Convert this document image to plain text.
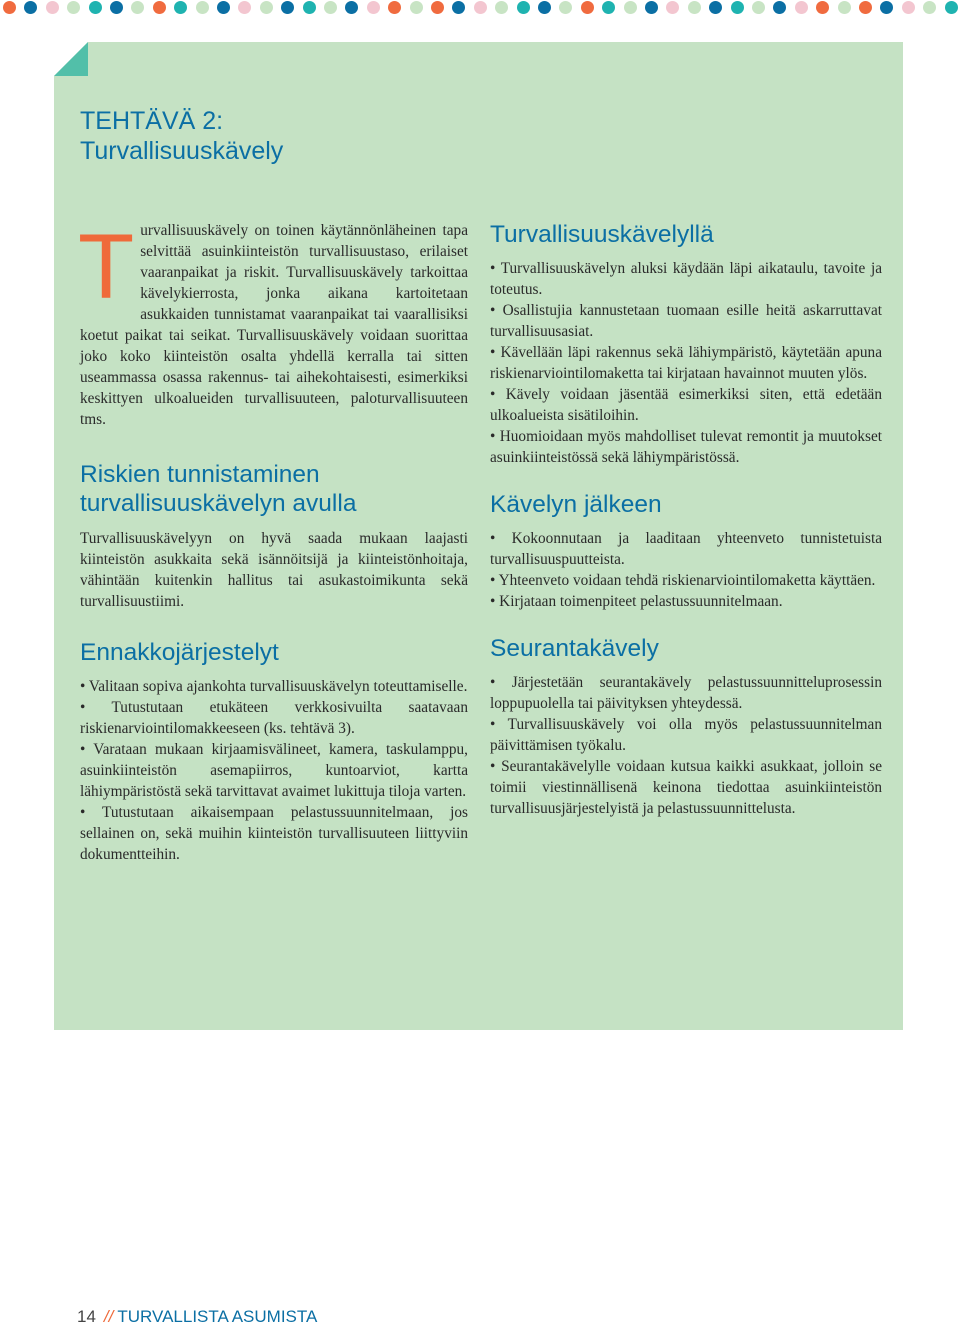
TEHTÄVÄ 2:
Turvallisuuskävely

Turvallisuuskävely on toinen käytännönläheinen tapa selvittää asuinkiinteistön turvallisuustaso, erilaiset vaaranpaikat ja riskit. Turvallisuuskävely tarkoittaa kävelykierrosta, jonka aikana kartoitetaan asukkaiden tunnistamat vaaranpaikat tai vaarallisiksi koetut paikat tai seikat. Turvallisuuskävely voidaan suorittaa joko koko kiinteistön osalta yhdellä kerralla tai sitten useammassa osassa rakennus- tai aihekohtaisesti, esimerkiksi keskittyen ulkoalueiden turvallisuuteen, paloturvallisuuteen tms.

Riskien tunnistaminen turvallisuuskävelyn avulla

Turvallisuuskävelyyn on hyvä saada mukaan laajasti kiinteistön asukkaita sekä isännöitsijä ja kiinteistönhoitaja, vähintään kuitenkin hallitus tai asukastoimikunta sekä turvallisuustiimi.

Ennakkojärjestelyt
• Valitaan sopiva ajankohta turvallisuuskävelyn toteuttamiselle.
• Tutustutaan etukäteen verkkosivuilta saatavaan riskienarviointilomakkeeseen (ks. tehtävä 3).
• Varataan mukaan kirjaamisvälineet, kamera, taskulamppu, asuinkiinteistön asemapiirros, kuntoarviot, kartta lähiympäristöstä sekä tarvittavat avaimet lukittuja tiloja varten.
• Tutustutaan aikaisempaan pelastussuunnitelmaan, jos sellainen on, sekä muihin kiinteistön turvallisuuteen liittyviin dokumentteihin.
Turvallisuuskävelyllä
• Turvallisuuskävelyn aluksi käydään läpi aikataulu, tavoite ja toteutus.
• Osallistujia kannustetaan tuomaan esille heitä askarruttavat turvallisuusasiat.
• Kävellään läpi rakennus sekä lähiympäristö, käytetään apuna riskienarviointilomaketta tai kirjataan havainnot muuten ylös.
• Kävely voidaan jäsentää esimerkiksi siten, että edetään ulkoalueista sisätiloihin.
• Huomioidaan myös mahdolliset tulevat remontit ja muutokset asuinkiinteistössä sekä lähiympäristössä.
Kävelyn jälkeen
• Kokoonnutaan ja laaditaan yhteenveto tunnistetuista turvallisuuspuutteista.
• Yhteenveto voidaan tehdä riskienarviointilomaketta käyttäen.
• Kirjataan toimenpiteet pelastussuunnitelmaan.
Seurantakävely
• Järjestetään seurantakävely pelastussuunnitteluprosessin loppupuolella tai päivityksen yhteydessä.
• Turvallisuuskävely voi olla myös pelastussuunnitelman päivittämisen työkalu.
• Seurantakävelylle voidaan kutsua kaikki asukkaat, jolloin se toimii viestinnällisenä keinona tiedottaa asuinkiinteistön turvallisuusjärjestelyistä ja pelastussuunnittelusta.
14 // TURVALLISTA ASUMISTA
